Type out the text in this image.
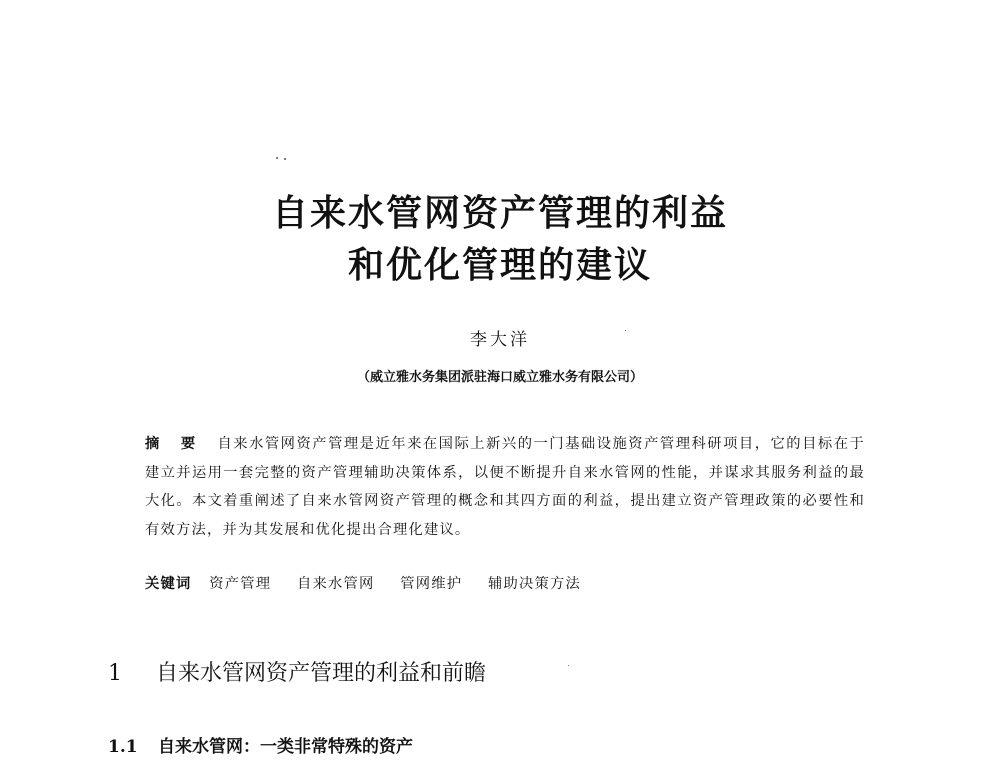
自来水管网资产管理的利益
和优化管理的建议
李大洋
（威立雅水务集团派驻海口威立雅水务有限公司）
摘 要 自来水管网资产管理是近年来在国际上新兴的一门基础设施资产管理科研项目，它的目标在于建立并运用一套完整的资产管理辅助决策体系，以便不断提升自来水管网的性能，并谋求其服务利益的最大化。本文着重阐述了自来水管网资产管理的概念和其四方面的利益，提出建立资产管理政策的必要性和有效方法，并为其发展和优化提出合理化建议。
关键词 资产管理 自来水管网 管网维护 辅助决策方法
1 自来水管网资产管理的利益和前瞻
1.1 自来水管网：一类非常特殊的资产
